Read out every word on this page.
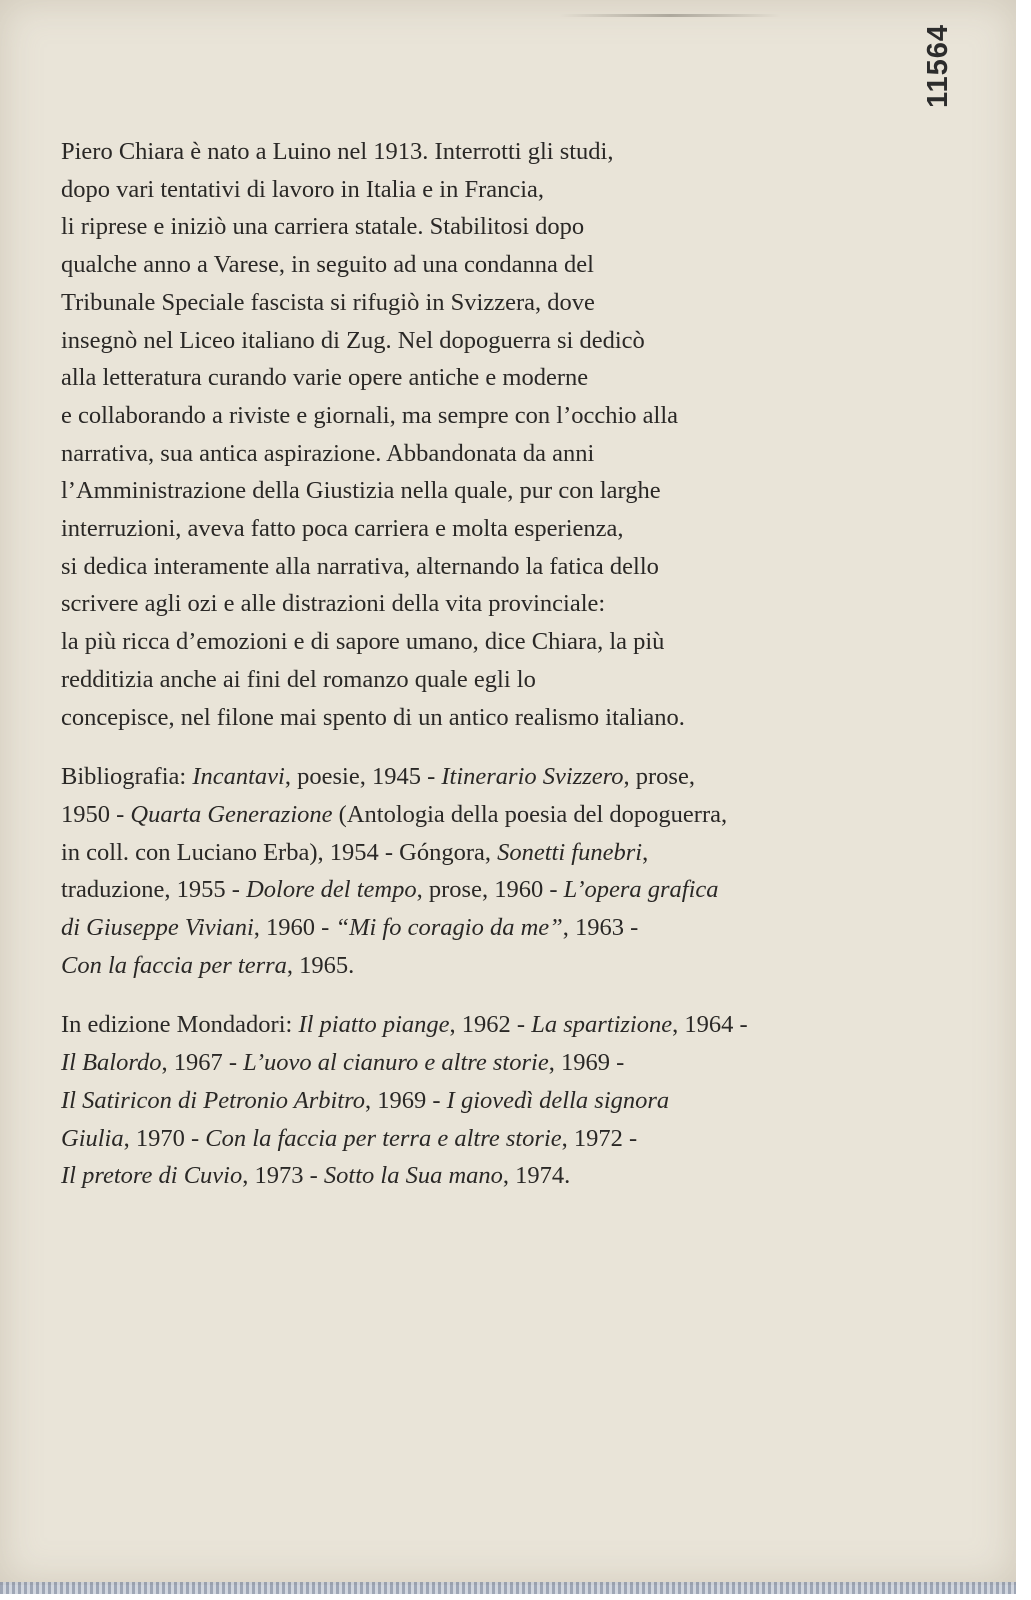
11564
Piero Chiara è nato a Luino nel 1913. Interrotti gli studi,
dopo vari tentativi di lavoro in Italia e in Francia,
li riprese e iniziò una carriera statale. Stabilitosi dopo
qualche anno a Varese, in seguito ad una condanna del
Tribunale Speciale fascista si rifugiò in Svizzera, dove
insegnò nel Liceo italiano di Zug. Nel dopoguerra si dedicò
alla letteratura curando varie opere antiche e moderne
e collaborando a riviste e giornali, ma sempre con l’occhio alla
narrativa, sua antica aspirazione. Abbandonata da anni
l’Amministrazione della Giustizia nella quale, pur con larghe
interruzioni, aveva fatto poca carriera e molta esperienza,
si dedica interamente alla narrativa, alternando la fatica dello
scrivere agli ozi e alle distrazioni della vita provinciale:
la più ricca d’emozioni e di sapore umano, dice Chiara, la più
redditizia anche ai fini del romanzo quale egli lo
concepisce, nel filone mai spento di un antico realismo italiano.
Bibliografia: Incantavi, poesie, 1945 - Itinerario Svizzero, prose,
1950 - Quarta Generazione (Antologia della poesia del dopoguerra,
in coll. con Luciano Erba), 1954 - Góngora, Sonetti funebri,
traduzione, 1955 - Dolore del tempo, prose, 1960 - L’opera grafica
di Giuseppe Viviani, 1960 - “Mi fo coragio da me”, 1963 -
Con la faccia per terra, 1965.
In edizione Mondadori: Il piatto piange, 1962 - La spartizione, 1964 -
Il Balordo, 1967 - L’uovo al cianuro e altre storie, 1969 -
Il Satiricon di Petronio Arbitro, 1969 - I giovedì della signora
Giulia, 1970 - Con la faccia per terra e altre storie, 1972 -
Il pretore di Cuvio, 1973 - Sotto la Sua mano, 1974.
